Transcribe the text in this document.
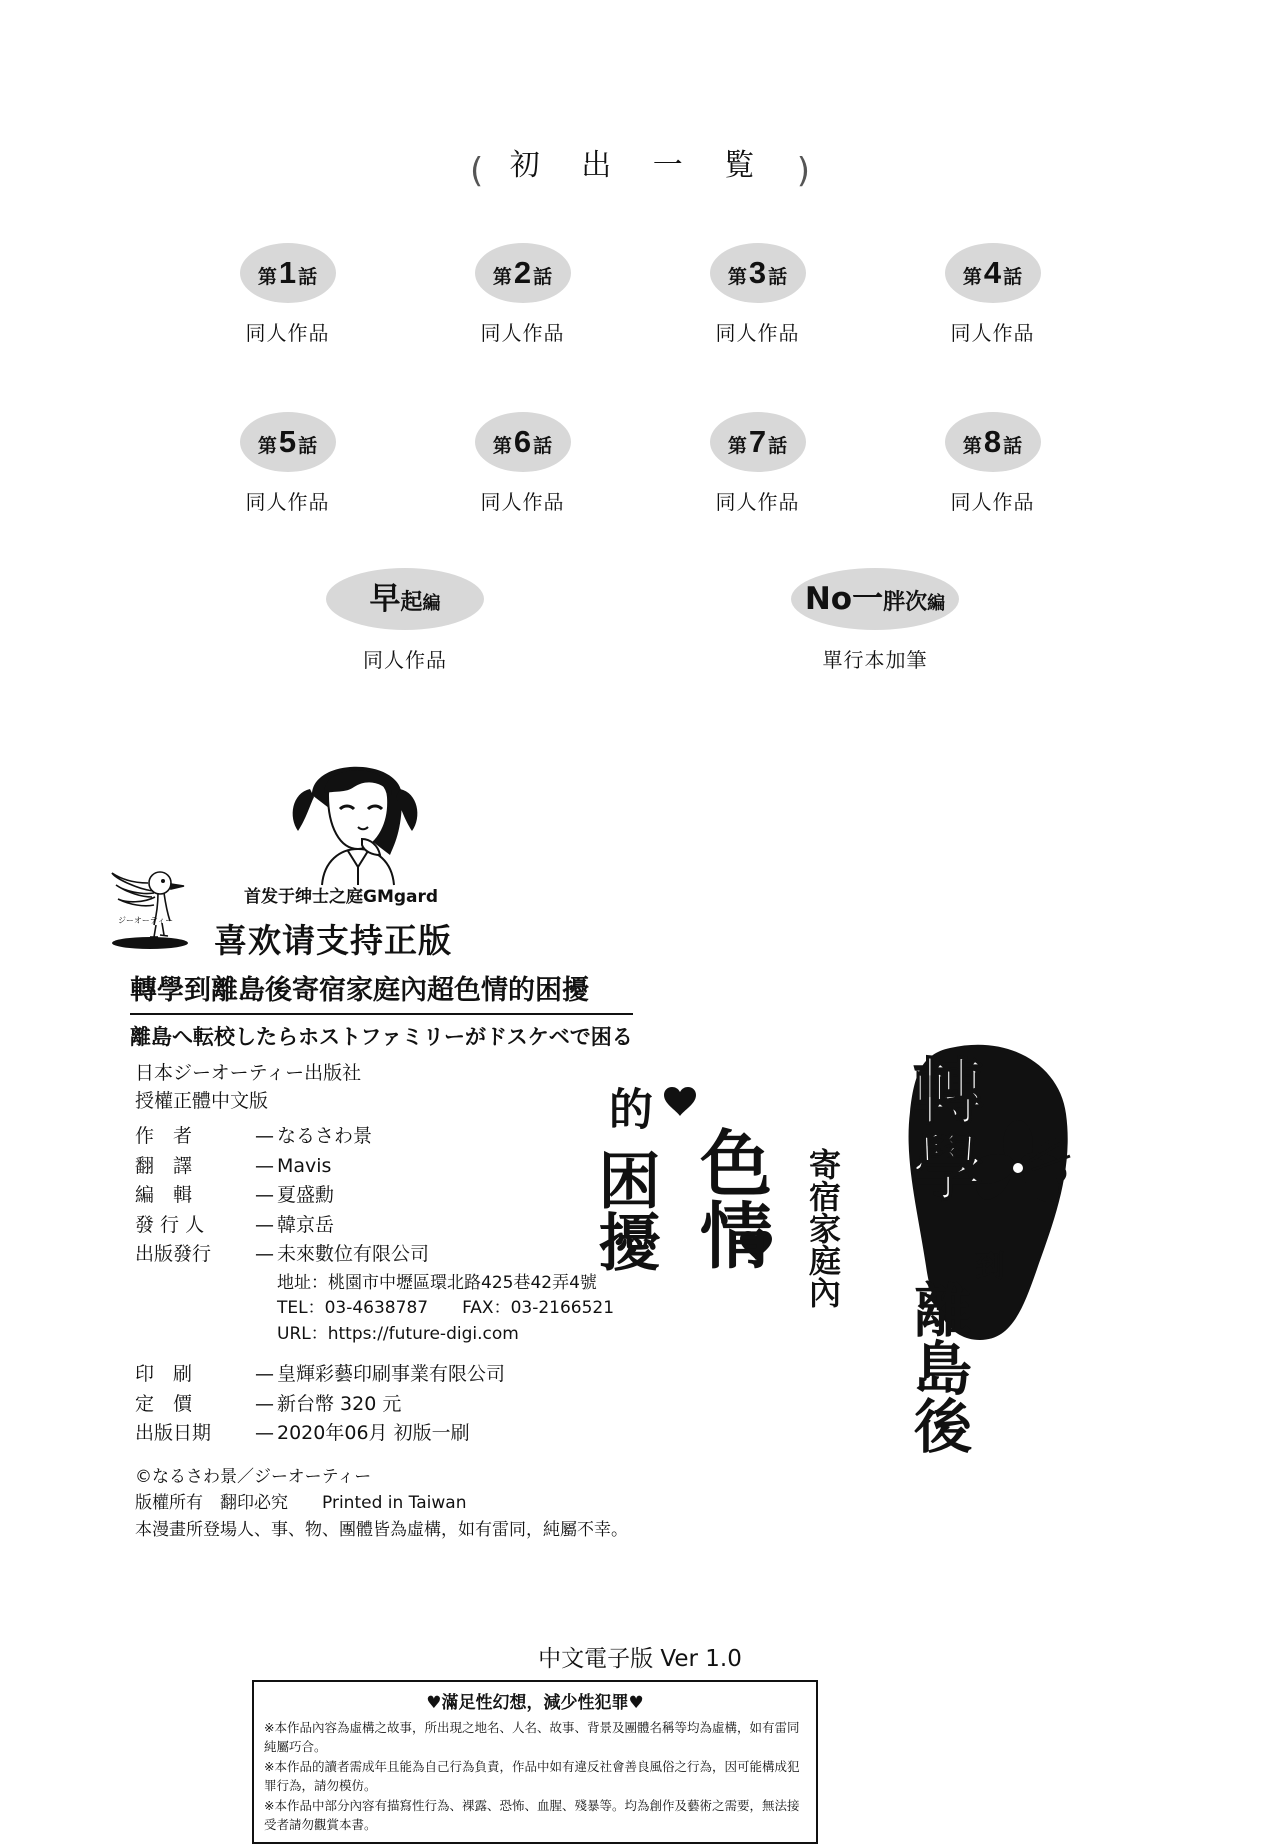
( 初 出 一 覧 )
第1 話
同人作品
第2 話
同人作品
第3 話
同人作品
第4 話
同人作品
第5 話
同人作品
第6 話
同人作品
第7 話
同人作品
第8 話
同人作品
早起編
同人作品
No一胖次編
單行本加筆
ジーオーティー
首发于绅士之庭GMgard
喜欢请支持正版
轉學到離島後寄宿家庭內超色情的困擾
離島へ転校したらホストファミリーがドスケベで困る
日本ジーオーティー出版社
授權正體中文版
作　者	— なるさわ景
翻　譯	— Mavis
編　輯	— 夏盛勳
發 行 人	— 韓京岳
出版發行	— 未來數位有限公司
地址：桃園市中壢區環北路425巷42弄4號
TEL：03-4638787　　FAX：03-2166521
URL：https://future-digi.com
印　刷	— 皇輝彩藝印刷事業有限公司
定　價	— 新台幣 320 元
出版日期	— 2020年06月 初版一刷
©なるさわ景／ジーオーティー
版權所有　翻印必究　　Printed in Taiwan
本漫畫所登場人、事、物、團體皆為虛構，如有雷同，純屬不幸。
轉學
到
離島後
寄宿家庭內
超
色情
的
困擾
中文電子版 Ver 1.0
♥滿足性幻想，減少性犯罪♥
※本作品內容為虛構之故事，所出現之地名、人名、故事、背景及團體名稱等均為虛構，如有雷同純屬巧合。
※本作品的讀者需成年且能為自己行為負責，作品中如有違反社會善良風俗之行為，因可能構成犯罪行為，請勿模仿。
※本作品中部分內容有描寫性行為、裸露、恐怖、血腥、殘暴等。均為創作及藝術之需要，無法接受者請勿觀賞本書。
